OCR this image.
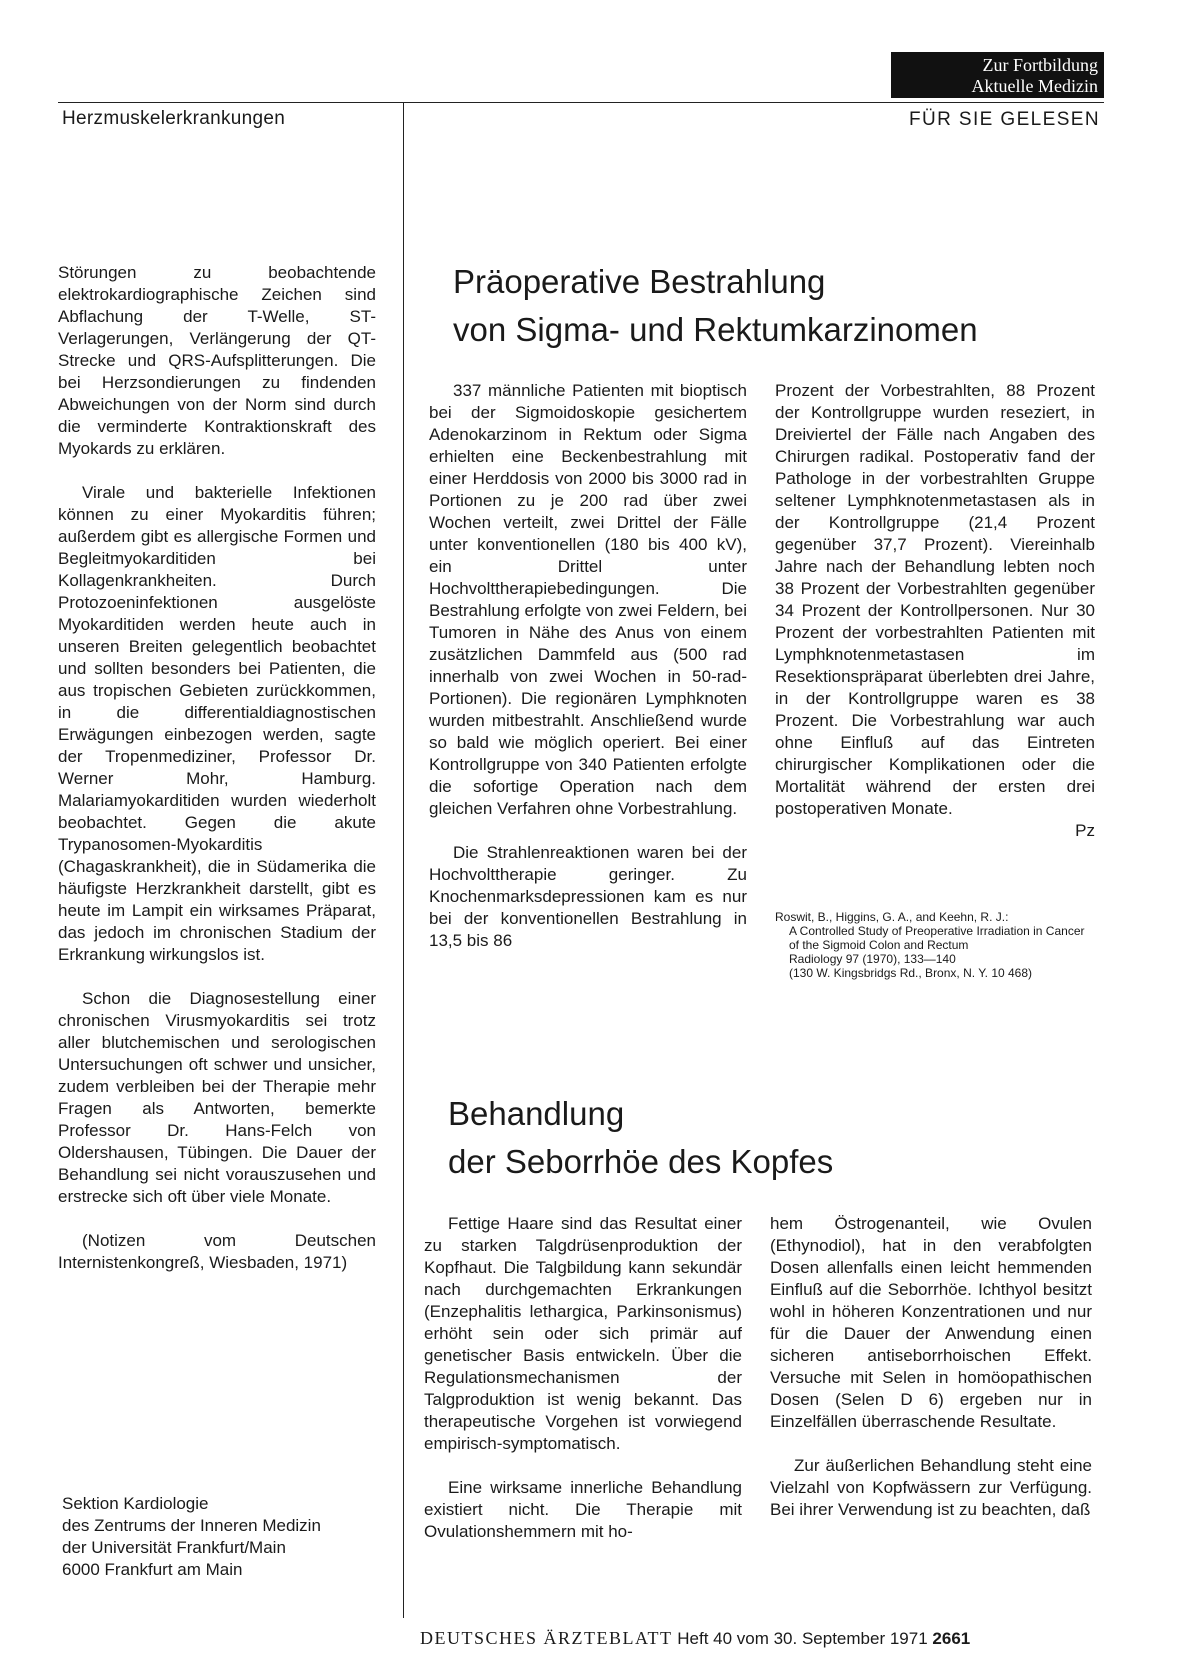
Zur Fortbildung
Aktuelle Medizin
Herzmuskelerkrankungen	FÜR SIE GELESEN

Störungen zu beobachtende elektrokardiographische Zeichen sind Abflachung der T-Welle, ST-Verlagerungen, Verlängerung der QT-Strecke und QRS-Aufsplitterungen. Die bei Herzsondierungen zu findenden Abweichungen von der Norm sind durch die verminderte Kontraktionskraft des Myokards zu erklären.

Virale und bakterielle Infektionen können zu einer Myokarditis führen; außerdem gibt es allergische Formen und Begleitmyokarditiden bei Kollagenkrankheiten. Durch Protozoeninfektionen ausgelöste Myokarditiden werden heute auch in unseren Breiten gelegentlich beobachtet und sollten besonders bei Patienten, die aus tropischen Gebieten zurückkommen, in die differentialdiagnostischen Erwägungen einbezogen werden, sagte der Tropenmediziner, Professor Dr. Werner Mohr, Hamburg. Malariamyokarditiden wurden wiederholt beobachtet. Gegen die akute Trypanosomen-Myokarditis (Chagaskrankheit), die in Südamerika die häufigste Herzkrankheit darstellt, gibt es heute im Lampit ein wirksames Präparat, das jedoch im chronischen Stadium der Erkrankung wirkungslos ist.

Schon die Diagnosestellung einer chronischen Virusmyokarditis sei trotz aller blutchemischen und serologischen Untersuchungen oft schwer und unsicher, zudem verbleiben bei der Therapie mehr Fragen als Antworten, bemerkte Professor Dr. Hans-Felch von Oldershausen, Tübingen. Die Dauer der Behandlung sei nicht vorauszusehen und erstrecke sich oft über viele Monate.

(Notizen vom Deutschen Internistenkongreß, Wiesbaden, 1971)

Sektion Kardiologie
des Zentrums der Inneren Medizin
der Universität Frankfurt/Main
6000 Frankfurt am Main
Präoperative Bestrahlung
von Sigma- und Rektumkarzinomen

337 männliche Patienten mit bioptisch bei der Sigmoidoskopie gesichertem Adenokarzinom in Rektum oder Sigma erhielten eine Beckenbestrahlung mit einer Herddosis von 2000 bis 3000 rad in Portionen zu je 200 rad über zwei Wochen verteilt, zwei Drittel der Fälle unter konventionellen (180 bis 400 kV), ein Drittel unter Hochvolttherapiebedingungen. Die Bestrahlung erfolgte von zwei Feldern, bei Tumoren in Nähe des Anus von einem zusätzlichen Dammfeld aus (500 rad innerhalb von zwei Wochen in 50-rad-Portionen). Die regionären Lymphknoten wurden mitbestrahlt. Anschließend wurde so bald wie möglich operiert. Bei einer Kontrollgruppe von 340 Patienten erfolgte die sofortige Operation nach dem gleichen Verfahren ohne Vorbestrahlung.

Die Strahlenreaktionen waren bei der Hochvolttherapie geringer. Zu Knochenmarksdepressionen kam es nur bei der konventionellen Bestrahlung in 13,5 bis 86

Prozent der Vorbestrahlten, 88 Prozent der Kontrollgruppe wurden reseziert, in Dreiviertel der Fälle nach Angaben des Chirurgen radikal. Postoperativ fand der Pathologe in der vorbestrahlten Gruppe seltener Lymphknotenmetastasen als in der Kontrollgruppe (21,4 Prozent gegenüber 37,7 Prozent). Viereinhalb Jahre nach der Behandlung lebten noch 38 Prozent der Vorbestrahlten gegenüber 34 Prozent der Kontrollpersonen. Nur 30 Prozent der vorbestrahlten Patienten mit Lymphknotenmetastasen im Resektionspräparat überlebten drei Jahre, in der Kontrollgruppe waren es 38 Prozent. Die Vorbestrahlung war auch ohne Einfluß auf das Eintreten chirurgischer Komplikationen oder die Mortalität während der ersten drei postoperativen Monate.

Pz
Roswit, B., Higgins, G. A., and Keehn, R. J.:
A Controlled Study of Preoperative Irradiation in Cancer of the Sigmoid Colon and Rectum
Radiology 97 (1970), 133—140
(130 W. Kingsbridgs Rd., Bronx, N. Y. 10 468)
Behandlung
der Seborrhöe des Kopfes

Fettige Haare sind das Resultat einer zu starken Talgdrüsenproduktion der Kopfhaut. Die Talgbildung kann sekundär nach durchgemachten Erkrankungen (Enzephalitis lethargica, Parkinsonismus) erhöht sein oder sich primär auf genetischer Basis entwickeln. Über die Regulationsmechanismen der Talgproduktion ist wenig bekannt. Das therapeutische Vorgehen ist vorwiegend empirisch-symptomatisch.

Eine wirksame innerliche Behandlung existiert nicht. Die Therapie mit Ovulationshemmern mit ho-

hem Östrogenanteil, wie Ovulen (Ethynodiol), hat in den verabfolgten Dosen allenfalls einen leicht hemmenden Einfluß auf die Seborrhöe. Ichthyol besitzt wohl in höheren Konzentrationen und nur für die Dauer der Anwendung einen sicheren antiseborrhoischen Effekt. Versuche mit Selen in homöopathischen Dosen (Selen D 6) ergeben nur in Einzelfällen überraschende Resultate.

Zur äußerlichen Behandlung steht eine Vielzahl von Kopfwässern zur Verfügung. Bei ihrer Verwendung ist zu beachten, daß

DEUTSCHES ÄRZTEBLATT Heft 40 vom 30. September 1971 2661
